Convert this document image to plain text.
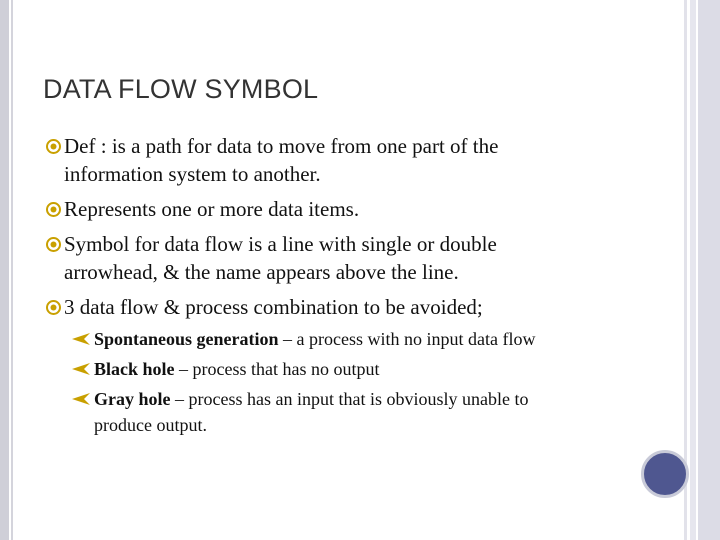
DATA FLOW SYMBOL
Def : is a path for data to move from one part of the
information system to another.
Represents one or more data items.
Symbol for data flow is a line with single or double
arrowhead, & the name appears above the line.
3 data flow & process combination to be avoided;
Spontaneous generation – a process with no input data flow
Black hole – process that has no output
Gray hole – process has an input that is obviously unable to
produce output.
